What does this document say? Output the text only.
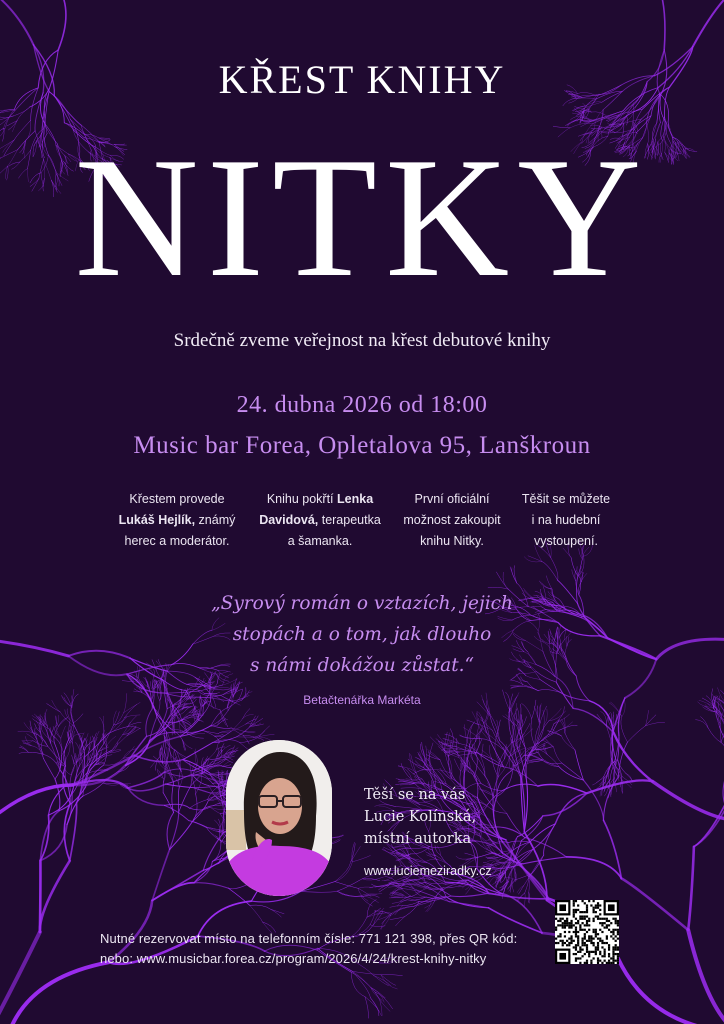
KŘEST KNIHY
NITKY
Srdečně zveme veřejnost na křest debutové knihy
24. dubna 2026 od 18:00
Music bar Forea, Opletalova 95, Lanškroun
Křestem provede
Lukáš Hejlík, známý
herec a moderátor.
Knihu pokřtí Lenka
Davidová, terapeutka
a šamanka.
První oficiální
možnost zakoupit
knihu Nitky.
Těšit se můžete
i na hudební
vystoupení.
„Syrový román o vztazích, jejich
stopách a o tom, jak dlouho
s námi dokážou zůstat.“
Betačtenářka Markéta
Těší se na vás
Lucie Kolínská,
místní autorka
www.luciemeziradky.cz
Nutné rezervovat místo na telefonním čísle: 771 121 398, přes QR kód:
nebo: www.musicbar.forea.cz/program/2026/4/24/krest-knihy-nitky
